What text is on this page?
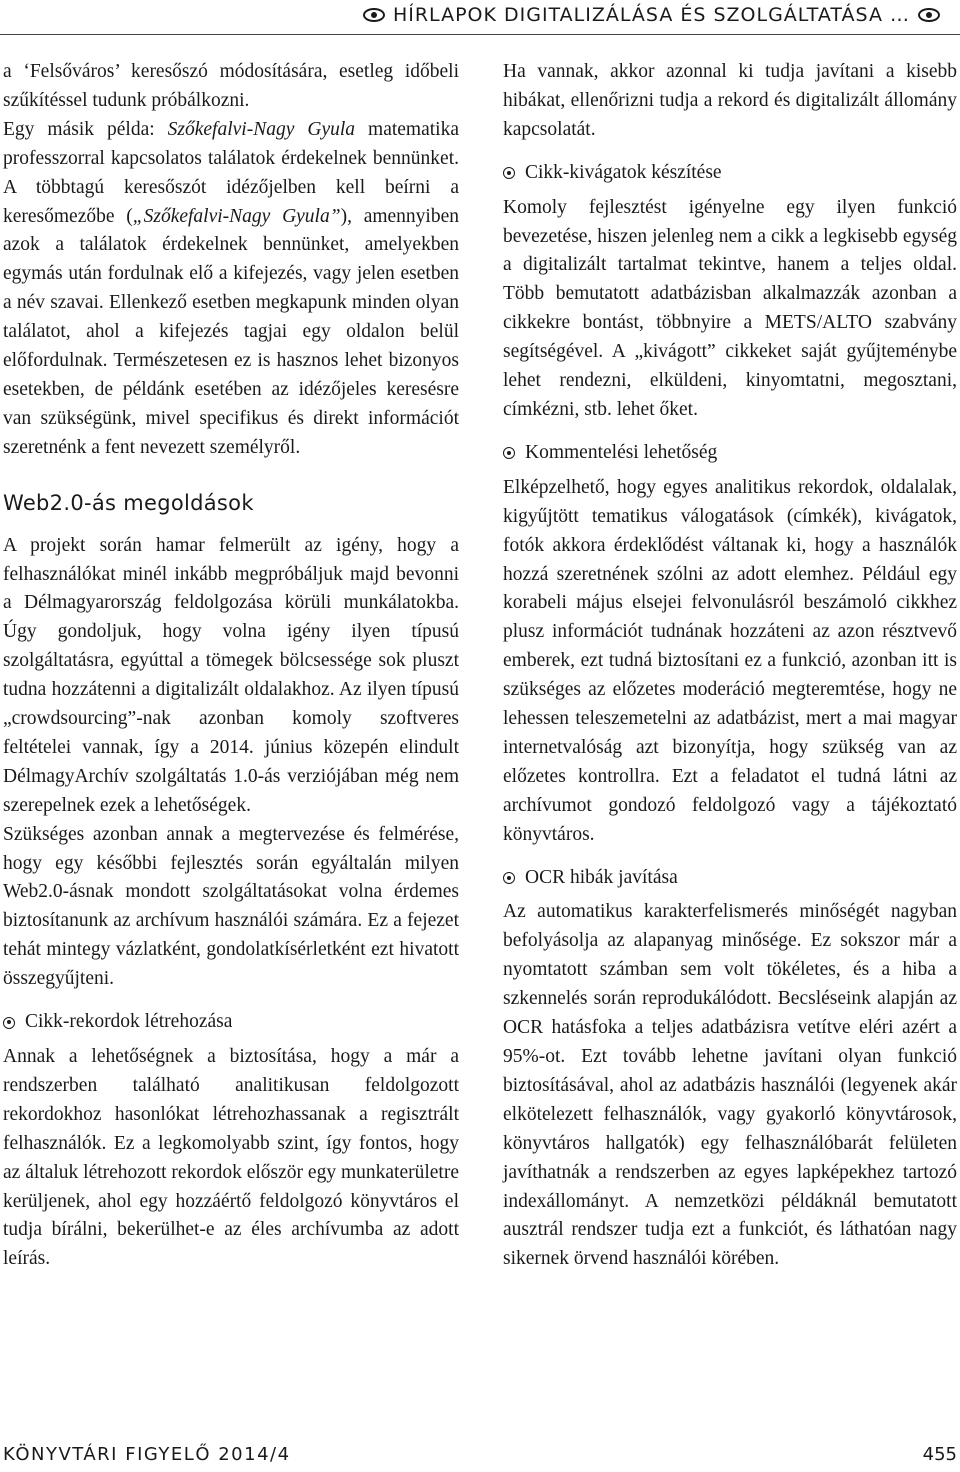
HÍRLAPOK DIGITALIZÁLÁSA ÉS SZOLGÁLTATÁSA …

a ‘Felsőváros’ keresőszó módosítására, esetleg időbeli szűkítéssel tudunk próbálkozni.

Egy másik példa: Szőkefalvi-Nagy Gyula matematika professzorral kapcsolatos találatok érdekelnek bennünket. A többtagú keresőszót idézőjelben kell beírni a keresőmezőbe („Szőkefalvi-Nagy Gyula”), amennyiben azok a találatok érdekelnek bennünket, amelyekben egymás után fordulnak elő a kifejezés, vagy jelen esetben a név szavai. Ellenkező esetben megkapunk minden olyan találatot, ahol a kifejezés tagjai egy oldalon belül előfordulnak. Természetesen ez is hasznos lehet bizonyos esetekben, de példánk esetében az idézőjeles keresésre van szükségünk, mivel specifikus és direkt információt szeretnénk a fent nevezett személyről.

Web2.0-ás megoldások

A projekt során hamar felmerült az igény, hogy a felhasználókat minél inkább megpróbáljuk majd bevonni a Délmagyarország feldolgozása körüli munkálatokba. Úgy gondoljuk, hogy volna igény ilyen típusú szolgáltatásra, egyúttal a tömegek bölcsessége sok pluszt tudna hozzátenni a digitalizált oldalakhoz. Az ilyen típusú „crowdsourcing”-nak azonban komoly szoftveres feltételei vannak, így a 2014. június közepén elindult DélmagyArchív szolgáltatás 1.0-ás verziójában még nem szerepelnek ezek a lehetőségek.

Szükséges azonban annak a megtervezése és felmérése, hogy egy későbbi fejlesztés során egyáltalán milyen Web2.0-ásnak mondott szolgáltatásokat volna érdemes biztosítanunk az archívum használói számára. Ez a fejezet tehát mintegy vázlatként, gondolatkísérletként ezt hivatott összegyűjteni.

Cikk-rekordok létrehozása

Annak a lehetőségnek a biztosítása, hogy a már a rendszerben található analitikusan feldolgozott rekordokhoz hasonlókat létrehozhassanak a regisztrált felhasználók. Ez a legkomolyabb szint, így fontos, hogy az általuk létrehozott rekordok először egy munkaterületre kerüljenek, ahol egy hozzáértő feldolgozó könyvtáros el tudja bírálni, bekerülhet-e az éles archívumba az adott leírás.

Ha vannak, akkor azonnal ki tudja javítani a kisebb hibákat, ellenőrizni tudja a rekord és digitalizált állomány kapcsolatát.

Cikk-kivágatok készítése

Komoly fejlesztést igényelne egy ilyen funkció bevezetése, hiszen jelenleg nem a cikk a legkisebb egység a digitalizált tartalmat tekintve, hanem a teljes oldal. Több bemutatott adatbázisban alkalmazzák azonban a cikkekre bontást, többnyire a METS/ALTO szabvány segítségével. A „kivágott” cikkeket saját gyűjteménybe lehet rendezni, elküldeni, kinyomtatni, megosztani, címkézni, stb. lehet őket.

Kommentelési lehetőség

Elképzelhető, hogy egyes analitikus rekordok, oldalalak, kigyűjtött tematikus válogatások (címkék), kivágatok, fotók akkora érdeklődést váltanak ki, hogy a használók hozzá szeretnének szólni az adott elemhez. Például egy korabeli május elsejei felvonulásról beszámoló cikkhez plusz információt tudnának hozzáteni az azon résztvevő emberek, ezt tudná biztosítani ez a funkció, azonban itt is szükséges az előzetes moderáció megteremtése, hogy ne lehessen teleszemetelni az adatbázist, mert a mai magyar internetvalóság azt bizonyítja, hogy szükség van az előzetes kontrollra. Ezt a feladatot el tudná látni az archívumot gondozó feldolgozó vagy a tájékoztató könyvtáros.

OCR hibák javítása

Az automatikus karakterfelismerés minőségét nagyban befolyásolja az alapanyag minősége. Ez sokszor már a nyomtatott számban sem volt tökéletes, és a hiba a szkennelés során reprodukálódott. Becsléseink alapján az OCR hatásfoka a teljes adatbázisra vetítve eléri azért a 95%-ot. Ezt tovább lehetne javítani olyan funkció biztosításával, ahol az adatbázis használói (legyenek akár elkötelezett felhasználók, vagy gyakorló könyvtárosok, könyvtáros hallgatók) egy felhasználóbarát felületen javíthatnák a rendszerben az egyes lapképekhez tartozó indexállományt. A nemzetközi példáknál bemutatott ausztrál rendszer tudja ezt a funkciót, és láthatóan nagy sikernek örvend használói körében.

KÖNYVTÁRI FIGYELŐ 2014/4	455
